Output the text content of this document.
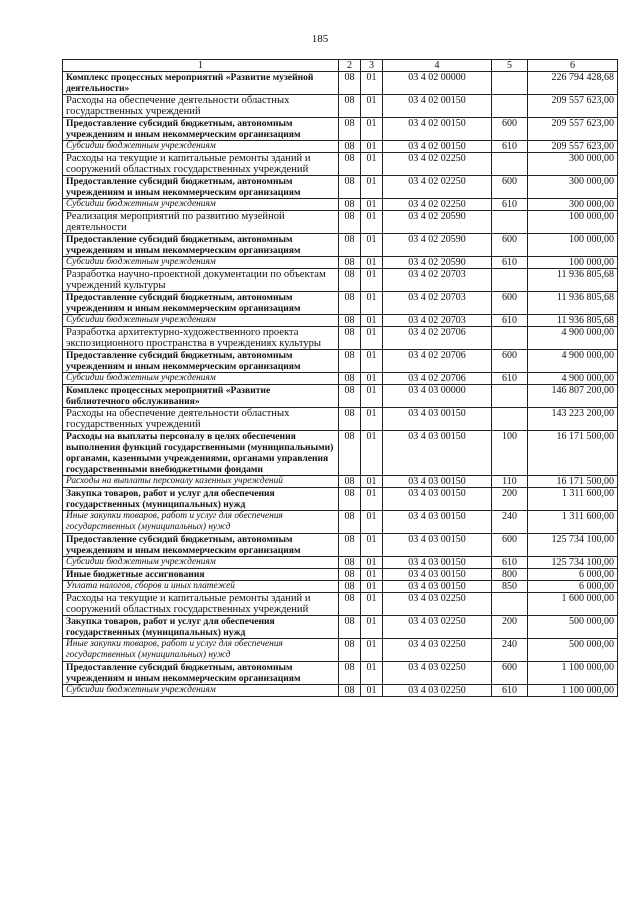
185
1	2	3	4	5	6
Комплекс процессных мероприятий «Развитие музейной деятельности»	08	01	03 4 02 00000		226 794 428,68
Расходы на обеспечение деятельности областных государственных учреждений	08	01	03 4 02 00150		209 557 623,00
Предоставление субсидий бюджетным, автономным учреждениям и иным некоммерческим организациям	08	01	03 4 02 00150	600	209 557 623,00
Субсидии бюджетным учреждениям	08	01	03 4 02 00150	610	209 557 623,00
Расходы на текущие и капитальные ремонты зданий и сооружений областных государственных учреждений	08	01	03 4 02 02250		300 000,00
Предоставление субсидий бюджетным, автономным учреждениям и иным некоммерческим организациям	08	01	03 4 02 02250	600	300 000,00
Субсидии бюджетным учреждениям	08	01	03 4 02 02250	610	300 000,00
Реализация мероприятий по развитию музейной деятельности	08	01	03 4 02 20590		100 000,00
Предоставление субсидий бюджетным, автономным учреждениям и иным некоммерческим организациям	08	01	03 4 02 20590	600	100 000,00
Субсидии бюджетным учреждениям	08	01	03 4 02 20590	610	100 000,00
Разработка научно-проектной документации по объектам учреждений культуры	08	01	03 4 02 20703		11 936 805,68
Предоставление субсидий бюджетным, автономным учреждениям и иным некоммерческим организациям	08	01	03 4 02 20703	600	11 936 805,68
Субсидии бюджетным учреждениям	08	01	03 4 02 20703	610	11 936 805,68
Разработка архитектурно-художественного проекта экспозиционного пространства в учреждениях культуры	08	01	03 4 02 20706		4 900 000,00
Предоставление субсидий бюджетным, автономным учреждениям и иным некоммерческим организациям	08	01	03 4 02 20706	600	4 900 000,00
Субсидии бюджетным учреждениям	08	01	03 4 02 20706	610	4 900 000,00
Комплекс процессных мероприятий «Развитие библиотечного обслуживания»	08	01	03 4 03 00000		146 807 200,00
Расходы на обеспечение деятельности областных государственных учреждений	08	01	03 4 03 00150		143 223 200,00
Расходы на выплаты персоналу в целях обеспечения выполнения функций государственными (муниципальными) органами, казенными учреждениями, органами управления государственными внебюджетными фондами	08	01	03 4 03 00150	100	16 171 500,00
Расходы на выплаты персоналу казенных учреждений	08	01	03 4 03 00150	110	16 171 500,00
Закупка товаров, работ и услуг для обеспечения государственных (муниципальных) нужд	08	01	03 4 03 00150	200	1 311 600,00
Иные закупки товаров, работ и услуг для обеспечения государственных (муниципальных) нужд	08	01	03 4 03 00150	240	1 311 600,00
Предоставление субсидий бюджетным, автономным учреждениям и иным некоммерческим организациям	08	01	03 4 03 00150	600	125 734 100,00
Субсидии бюджетным учреждениям	08	01	03 4 03 00150	610	125 734 100,00
Иные бюджетные ассигнования	08	01	03 4 03 00150	800	6 000,00
Уплата налогов, сборов и иных платежей	08	01	03 4 03 00150	850	6 000,00
Расходы на текущие и капитальные ремонты зданий и сооружений областных государственных учреждений	08	01	03 4 03 02250		1 600 000,00
Закупка товаров, работ и услуг для обеспечения государственных (муниципальных) нужд	08	01	03 4 03 02250	200	500 000,00
Иные закупки товаров, работ и услуг для обеспечения государственных (муниципальных) нужд	08	01	03 4 03 02250	240	500 000,00
Предоставление субсидий бюджетным, автономным учреждениям и иным некоммерческим организациям	08	01	03 4 03 02250	600	1 100 000,00
Субсидии бюджетным учреждениям	08	01	03 4 03 02250	610	1 100 000,00
